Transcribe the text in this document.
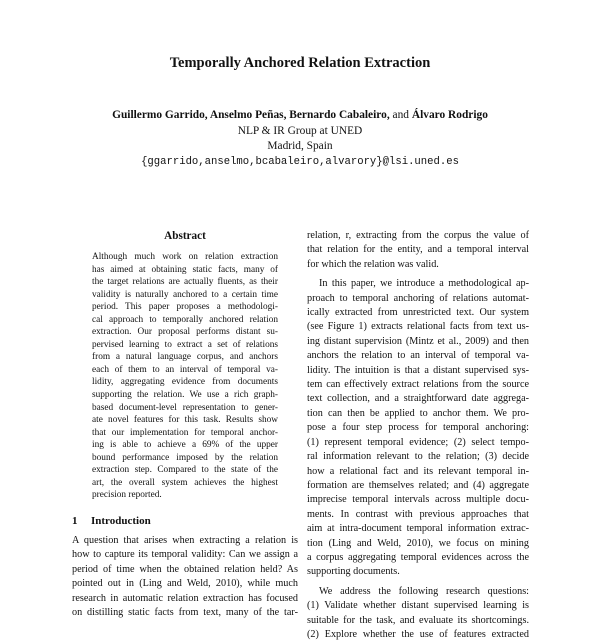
Temporally Anchored Relation Extraction
Guillermo Garrido, Anselmo Peñas, Bernardo Cabaleiro, and Álvaro Rodrigo
NLP & IR Group at UNED
Madrid, Spain
{ggarrido,anselmo,bcabaleiro,alvarory}@lsi.uned.es
Abstract
Although much work on relation extraction
has aimed at obtaining static facts, many of
the target relations are actually fluents, as their
validity is naturally anchored to a certain time
period. This paper proposes a methodologi-
cal approach to temporally anchored relation
extraction. Our proposal performs distant su-
pervised learning to extract a set of relations
from a natural language corpus, and anchors
each of them to an interval of temporal va-
lidity, aggregating evidence from documents
supporting the relation. We use a rich graph-
based document-level representation to gener-
ate novel features for this task. Results show
that our implementation for temporal anchor-
ing is able to achieve a 69% of the upper
bound performance imposed by the relation
extraction step. Compared to the state of the
art, the overall system achieves the highest
precision reported.
1 Introduction
A question that arises when extracting a relation is
how to capture its temporal validity: Can we assign a
period of time when the obtained relation held? As
pointed out in (Ling and Weld, 2010), while much
research in automatic relation extraction has focused
on distilling static facts from text, many of the tar-
relation, r, extracting from the corpus the value of
that relation for the entity, and a temporal interval
for which the relation was valid.
In this paper, we introduce a methodological ap-
proach to temporal anchoring of relations automat-
ically extracted from unrestricted text. Our system
(see Figure 1) extracts relational facts from text us-
ing distant supervision (Mintz et al., 2009) and then
anchors the relation to an interval of temporal va-
lidity. The intuition is that a distant supervised sys-
tem can effectively extract relations from the source
text collection, and a straightforward date aggrega-
tion can then be applied to anchor them. We pro-
pose a four step process for temporal anchoring:
(1) represent temporal evidence; (2) select tempo-
ral information relevant to the relation; (3) decide
how a relational fact and its relevant temporal in-
formation are themselves related; and (4) aggregate
imprecise temporal intervals across multiple docu-
ments. In contrast with previous approaches that
aim at intra-document temporal information extrac-
tion (Ling and Weld, 2010), we focus on mining
a corpus aggregating temporal evidences across the
supporting documents.
We address the following research questions:
(1) Validate whether distant supervised learning is
suitable for the task, and evaluate its shortcomings.
(2) Explore whether the use of features extracted
